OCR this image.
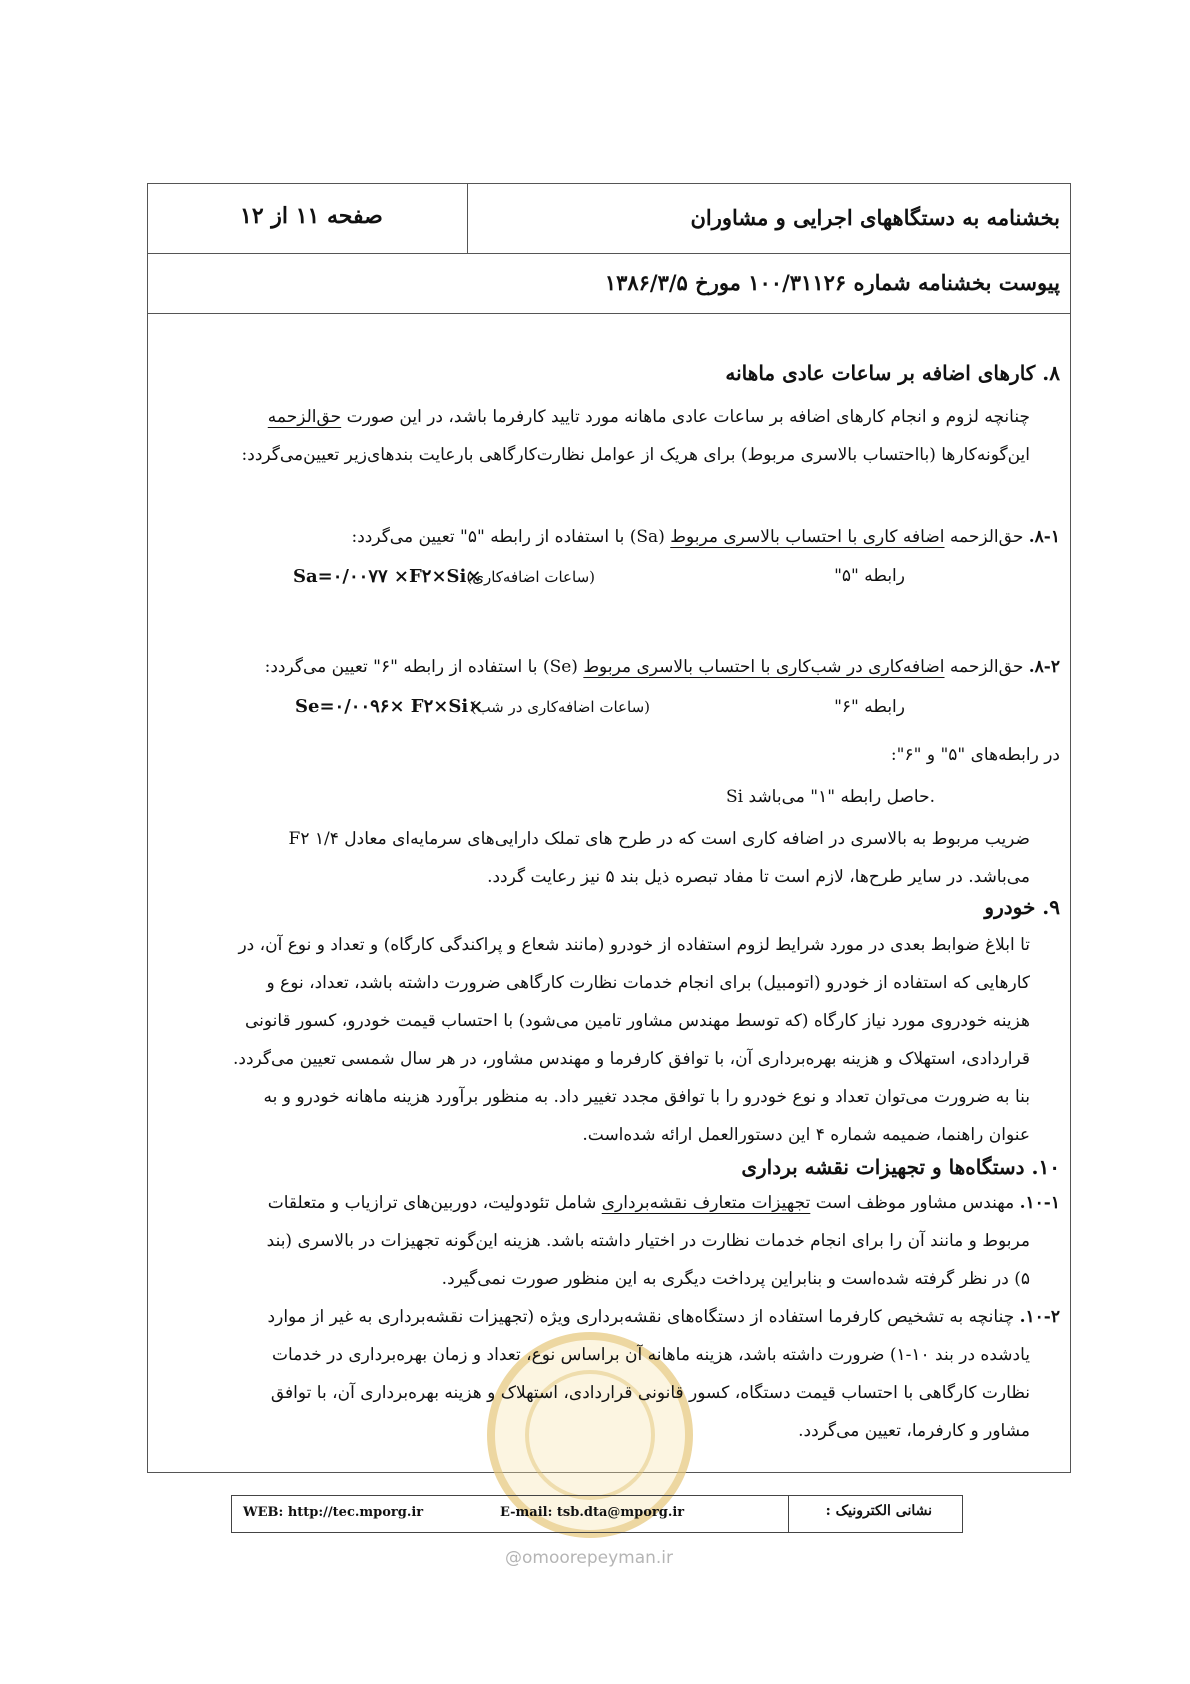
بخشنامه به دستگاههای اجرایی و مشاوران
صفحه ۱۱ از ۱۲
پیوست بخشنامه شماره ۱۰۰/۳۱۱۲۶ مورخ ۱۳۸۶/۳/۵
۸. کارهای اضافه بر ساعات عادی ماهانه
چنانچه لزوم و انجام کارهای اضافه بر ساعات عادی ماهانه مورد تایید کارفرما باشد، در این صورت حق‌الزحمه
این‌گونه‌کارها (بااحتساب بالاسری مربوط) برای هریک از عوامل نظارت‌کارگاهی بارعایت بندهای‌زیر تعیین‌می‌گردد:
۸-۱. حق‌الزحمه اضافه کاری با احتساب بالاسری مربوط (Sa) با استفاده از رابطه "۵" تعیین می‌گردد:
رابطه "۵"
(ساعات اضافه‌کاری)
Sa=۰/۰۰۷۷ ×F۲×Si×
۸-۲. حق‌الزحمه اضافه‌کاری در شب‌کاری با احتساب بالاسری مربوط (Se) با استفاده از رابطه "۶" تعیین می‌گردد:
رابطه "۶"
(ساعات اضافه‌کاری در شب)
Se=۰/۰۰۹۶× F۲×Si×
در رابطه‌های "۵" و "۶":
Si حاصل رابطه "۱" می‌باشد.
F۲ ضریب مربوط به بالاسری در اضافه کاری است که در طرح های تملک دارایی‌های سرمایه‌ای معادل ۱/۴
می‌باشد. در سایر طرح‌ها، لازم است تا مفاد تبصره ذیل بند ۵ نیز رعایت گردد.
۹. خودرو
تا ابلاغ ضوابط بعدی در مورد شرایط لزوم استفاده از خودرو (مانند شعاع و پراکندگی کارگاه) و تعداد و نوع آن، در
کارهایی که استفاده از خودرو (اتومبیل) برای انجام خدمات نظارت کارگاهی ضرورت داشته باشد، تعداد، نوع و
هزینه خودروی مورد نیاز کارگاه (که توسط مهندس مشاور تامین می‌شود) با احتساب قیمت خودرو، کسور قانونی
قراردادی، استهلاک و هزینه بهره‌برداری آن، با توافق کارفرما و مهندس مشاور، در هر سال شمسی تعیین می‌گردد.
بنا به ضرورت می‌توان تعداد و نوع خودرو را با توافق مجدد تغییر داد. به منظور برآورد هزینه ماهانه خودرو و به
عنوان راهنما، ضمیمه شماره ۴ این دستورالعمل ارائه شده‌است.
۱۰. دستگاه‌ها و تجهیزات نقشه برداری
۱۰-۱. مهندس مشاور موظف است تجهیزات متعارف نقشه‌برداری شامل تئودولیت، دوربین‌های ترازیاب و متعلقات
مربوط و مانند آن را برای انجام خدمات نظارت در اختیار داشته باشد. هزینه این‌گونه تجهیزات در بالاسری (بند
۵) در نظر گرفته شده‌است و بنابراین پرداخت دیگری به این منظور صورت نمی‌گیرد.
۱۰-۲. چنانچه به تشخیص کارفرما استفاده از دستگاه‌های نقشه‌برداری ویژه (تجهیزات نقشه‌برداری به غیر از موارد
یادشده در بند ۱۰-۱) ضرورت داشته باشد، هزینه ماهانه آن براساس نوع، تعداد و زمان بهره‌برداری در خدمات
نظارت کارگاهی با احتساب قیمت دستگاه، کسور قانونی قراردادی، استهلاک و هزینه بهره‌برداری آن، با توافق
مشاور و کارفرما، تعیین می‌گردد.
نشانی الکترونیک :
E-mail: tsb.dta@mporg.ir
WEB: http://tec.mporg.ir
@omoorepeyman.ir
